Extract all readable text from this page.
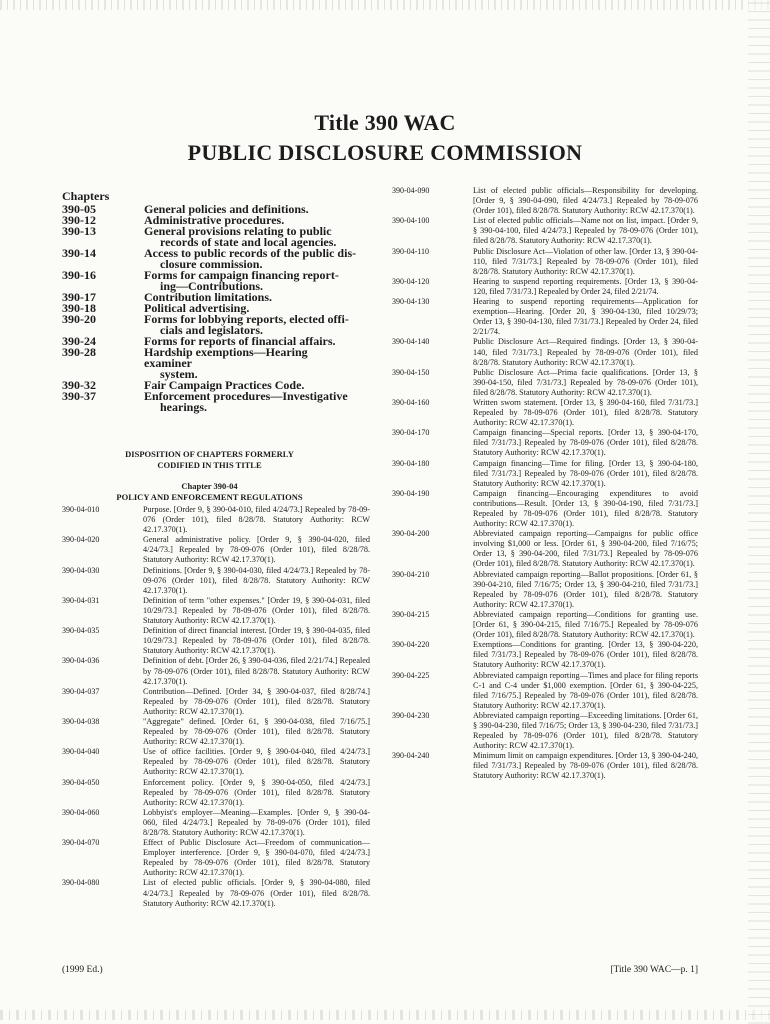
Title 390 WAC
PUBLIC DISCLOSURE COMMISSION
Chapters
390-05	General policies and definitions.
390-12	Administrative procedures.
390-13	General provisions relating to public
records of state and local agencies.
390-14	Access to public records of the public dis-
closure commission.
390-16	Forms for campaign financing report-
ing—Contributions.
390-17	Contribution limitations.
390-18	Political advertising.
390-20	Forms for lobbying reports, elected offi-
cials and legislators.
390-24	Forms for reports of financial affairs.
390-28	Hardship exemptions—Hearing examiner
system.
390-32	Fair Campaign Practices Code.
390-37	Enforcement procedures—Investigative
hearings.
DISPOSITION OF CHAPTERS FORMERLY
CODIFIED IN THIS TITLE
Chapter 390-04
POLICY AND ENFORCEMENT REGULATIONS
390-04-010	Purpose. [Order 9, § 390-04-010, filed 4/24/73.] Repealed by 78-09-076 (Order 101), filed 8/28/78. Statutory Authority: RCW 42.17.370(1).
390-04-020	General administrative policy. [Order 9, § 390-04-020, filed 4/24/73.] Repealed by 78-09-076 (Order 101), filed 8/28/78. Statutory Authority: RCW 42.17.370(1).
390-04-030	Definitions. [Order 9, § 390-04-030, filed 4/24/73.] Repealed by 78-09-076 (Order 101), filed 8/28/78. Statutory Authority: RCW 42.17.370(1).
390-04-031	Definition of term "other expenses." [Order 19, § 390-04-031, filed 10/29/73.] Repealed by 78-09-076 (Order 101), filed 8/28/78. Statutory Authority: RCW 42.17.370(1).
390-04-035	Definition of direct financial interest. [Order 19, § 390-04-035, filed 10/29/73.] Repealed by 78-09-076 (Order 101), filed 8/28/78. Statutory Authority: RCW 42.17.370(1).
390-04-036	Definition of debt. [Order 26, § 390-04-036, filed 2/21/74.] Repealed by 78-09-076 (Order 101), filed 8/28/78. Statutory Authority: RCW 42.17.370(1).
390-04-037	Contribution—Defined. [Order 34, § 390-04-037, filed 8/28/74.] Repealed by 78-09-076 (Order 101), filed 8/28/78. Statutory Authority: RCW 42.17.370(1).
390-04-038	"Aggregate" defined. [Order 61, § 390-04-038, filed 7/16/75.] Repealed by 78-09-076 (Order 101), filed 8/28/78. Statutory Authority: RCW 42.17.370(1).
390-04-040	Use of office facilities. [Order 9, § 390-04-040, filed 4/24/73.] Repealed by 78-09-076 (Order 101), filed 8/28/78. Statutory Authority: RCW 42.17.370(1).
390-04-050	Enforcement policy. [Order 9, § 390-04-050, filed 4/24/73.] Repealed by 78-09-076 (Order 101), filed 8/28/78. Statutory Authority: RCW 42.17.370(1).
390-04-060	Lobbyist's employer—Meaning—Examples. [Order 9, § 390-04-060, filed 4/24/73.] Repealed by 78-09-076 (Order 101), filed 8/28/78. Statutory Authority: RCW 42.17.370(1).
390-04-070	Effect of Public Disclosure Act—Freedom of communication—Employer interference. [Order 9, § 390-04-070, filed 4/24/73.] Repealed by 78-09-076 (Order 101), filed 8/28/78. Statutory Authority: RCW 42.17.370(1).
390-04-080	List of elected public officials. [Order 9, § 390-04-080, filed 4/24/73.] Repealed by 78-09-076 (Order 101), filed 8/28/78. Statutory Authority: RCW 42.17.370(1).
390-04-090	List of elected public officials—Responsibility for developing. [Order 9, § 390-04-090, filed 4/24/73.] Repealed by 78-09-076 (Order 101), filed 8/28/78. Statutory Authority: RCW 42.17.370(1).
390-04-100	List of elected public officials—Name not on list, impact. [Order 9, § 390-04-100, filed 4/24/73.] Repealed by 78-09-076 (Order 101), filed 8/28/78. Statutory Authority: RCW 42.17.370(1).
390-04-110	Public Disclosure Act—Violation of other law. [Order 13, § 390-04-110, filed 7/31/73.] Repealed by 78-09-076 (Order 101), filed 8/28/78. Statutory Authority: RCW 42.17.370(1).
390-04-120	Hearing to suspend reporting requirements. [Order 13, § 390-04-120, filed 7/31/73.] Repealed by Order 24, filed 2/21/74.
390-04-130	Hearing to suspend reporting requirements—Application for exemption—Hearing. [Order 20, § 390-04-130, filed 10/29/73; Order 13, § 390-04-130, filed 7/31/73.] Repealed by Order 24, filed 2/21/74.
390-04-140	Public Disclosure Act—Required findings. [Order 13, § 390-04-140, filed 7/31/73.] Repealed by 78-09-076 (Order 101), filed 8/28/78. Statutory Authority: RCW 42.17.370(1).
390-04-150	Public Disclosure Act—Prima facie qualifications. [Order 13, § 390-04-150, filed 7/31/73.] Repealed by 78-09-076 (Order 101), filed 8/28/78. Statutory Authority: RCW 42.17.370(1).
390-04-160	Written sworn statement. [Order 13, § 390-04-160, filed 7/31/73.] Repealed by 78-09-076 (Order 101), filed 8/28/78. Statutory Authority: RCW 42.17.370(1).
390-04-170	Campaign financing—Special reports. [Order 13, § 390-04-170, filed 7/31/73.] Repealed by 78-09-076 (Order 101), filed 8/28/78. Statutory Authority: RCW 42.17.370(1).
390-04-180	Campaign financing—Time for filing. [Order 13, § 390-04-180, filed 7/31/73.] Repealed by 78-09-076 (Order 101), filed 8/28/78. Statutory Authority: RCW 42.17.370(1).
390-04-190	Campaign financing—Encouraging expenditures to avoid contributions—Result. [Order 13, § 390-04-190, filed 7/31/73.] Repealed by 78-09-076 (Order 101), filed 8/28/78. Statutory Authority: RCW 42.17.370(1).
390-04-200	Abbreviated campaign reporting—Campaigns for public office involving $1,000 or less. [Order 61, § 390-04-200, filed 7/16/75; Order 13, § 390-04-200, filed 7/31/73.] Repealed by 78-09-076 (Order 101), filed 8/28/78. Statutory Authority: RCW 42.17.370(1).
390-04-210	Abbreviated campaign reporting—Ballot propositions. [Order 61, § 390-04-210, filed 7/16/75; Order 13, § 390-04-210, filed 7/31/73.] Repealed by 78-09-076 (Order 101), filed 8/28/78. Statutory Authority: RCW 42.17.370(1).
390-04-215	Abbreviated campaign reporting—Conditions for granting use. [Order 61, § 390-04-215, filed 7/16/75.] Repealed by 78-09-076 (Order 101), filed 8/28/78. Statutory Authority: RCW 42.17.370(1).
390-04-220	Exemptions—Conditions for granting. [Order 13, § 390-04-220, filed 7/31/73.] Repealed by 78-09-076 (Order 101), filed 8/28/78. Statutory Authority: RCW 42.17.370(1).
390-04-225	Abbreviated campaign reporting—Times and place for filing reports C-1 and C-4 under $1,000 exemption. [Order 61, § 390-04-225, filed 7/16/75.] Repealed by 78-09-076 (Order 101), filed 8/28/78. Statutory Authority: RCW 42.17.370(1).
390-04-230	Abbreviated campaign reporting—Exceeding limitations. [Order 61, § 390-04-230, filed 7/16/75; Order 13, § 390-04-230, filed 7/31/73.] Repealed by 78-09-076 (Order 101), filed 8/28/78. Statutory Authority: RCW 42.17.370(1).
390-04-240	Minimum limit on campaign expenditures. [Order 13, § 390-04-240, filed 7/31/73.] Repealed by 78-09-076 (Order 101), filed 8/28/78. Statutory Authority: RCW 42.17.370(1).
(1999 Ed.)	[Title 390 WAC—p. 1]
